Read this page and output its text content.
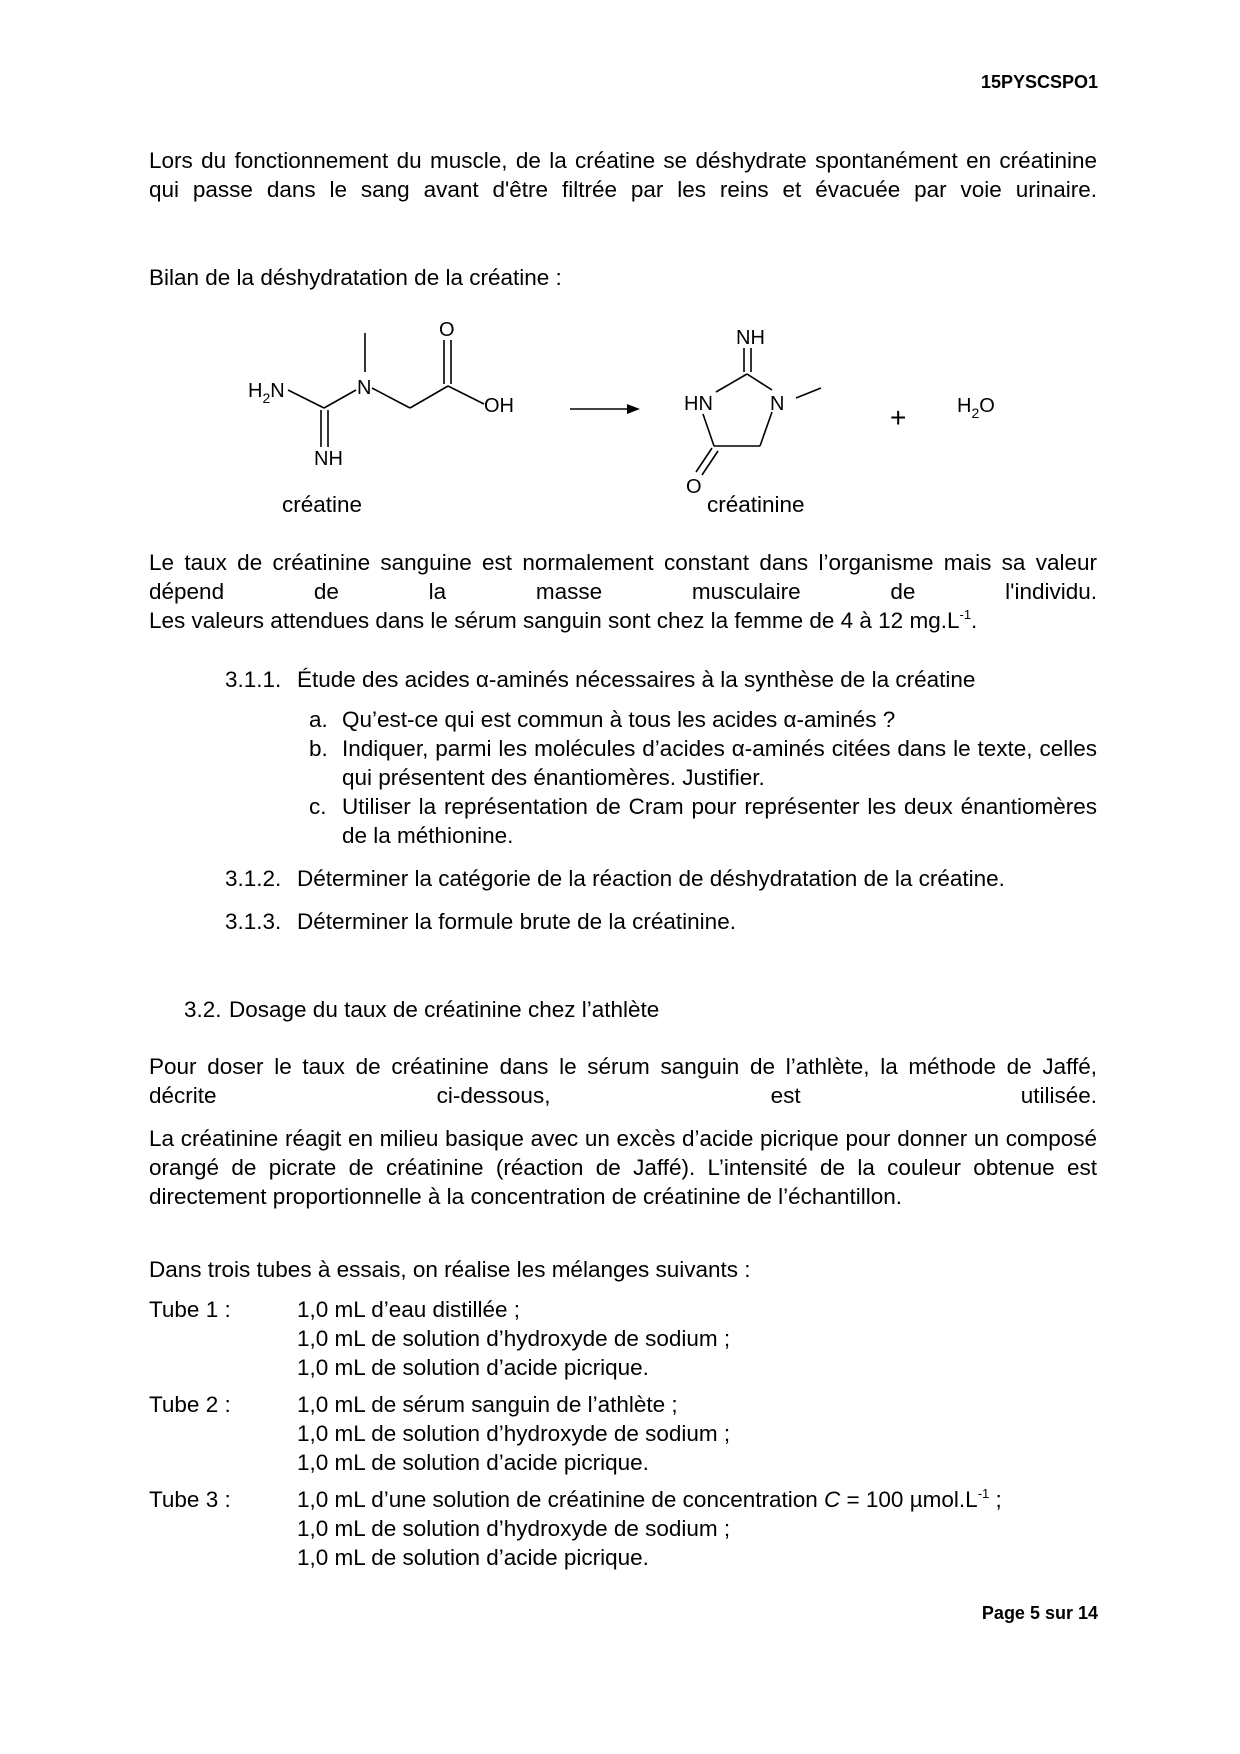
15PYSCSPO1
Lors du fonctionnement du muscle, de la créatine se déshydrate spontanément en créatinine qui passe dans le sang avant d'être filtrée par les reins et évacuée par voie urinaire.
Bilan de la déshydratation de la créatine :
$H_2N$	N
O
OH
NH
NH
HN	N
O
+	$H_2O$
créatine	créatinine
Le taux de créatinine sanguine est normalement constant dans l’organisme mais sa valeur dépend de la masse musculaire de l'individu.
Les valeurs attendues dans le sérum sanguin sont chez la femme de 4 à 12 $mg.L^{-1}$.
3.1.1. Étude des acides α-aminés nécessaires à la synthèse de la créatine
a. Qu’est-ce qui est commun à tous les acides α-aminés ?
b. Indiquer, parmi les molécules d’acides α-aminés citées dans le texte, celles qui présentent des énantiomères. Justifier.
c. Utiliser la représentation de Cram pour représenter les deux énantiomères de la méthionine.
3.1.2. Déterminer la catégorie de la réaction de déshydratation de la créatine.
3.1.3. Déterminer la formule brute de la créatinine.
3.2. Dosage du taux de créatinine chez l’athlète
Pour doser le taux de créatinine dans le sérum sanguin de l’athlète, la méthode de Jaffé, décrite ci-dessous, est utilisée.
La créatinine réagit en milieu basique avec un excès d’acide picrique pour donner un composé orangé de picrate de créatinine (réaction de Jaffé). L’intensité de la couleur obtenue est directement proportionnelle à la concentration de créatinine de l’échantillon.
Dans trois tubes à essais, on réalise les mélanges suivants :
Tube 1 :	1,0 mL d’eau distillée ;
1,0 mL de solution d’hydroxyde de sodium ;
1,0 mL de solution d’acide picrique.
Tube 2 :	1,0 mL de sérum sanguin de l’athlète ;
1,0 mL de solution d’hydroxyde de sodium ;
1,0 mL de solution d’acide picrique.
Tube 3 :	1,0 mL d’une solution de créatinine de concentration C = 100 $\mu mol.L^{-1}$ ;
1,0 mL de solution d’hydroxyde de sodium ;
1,0 mL de solution d’acide picrique.
Page 5 sur 14
